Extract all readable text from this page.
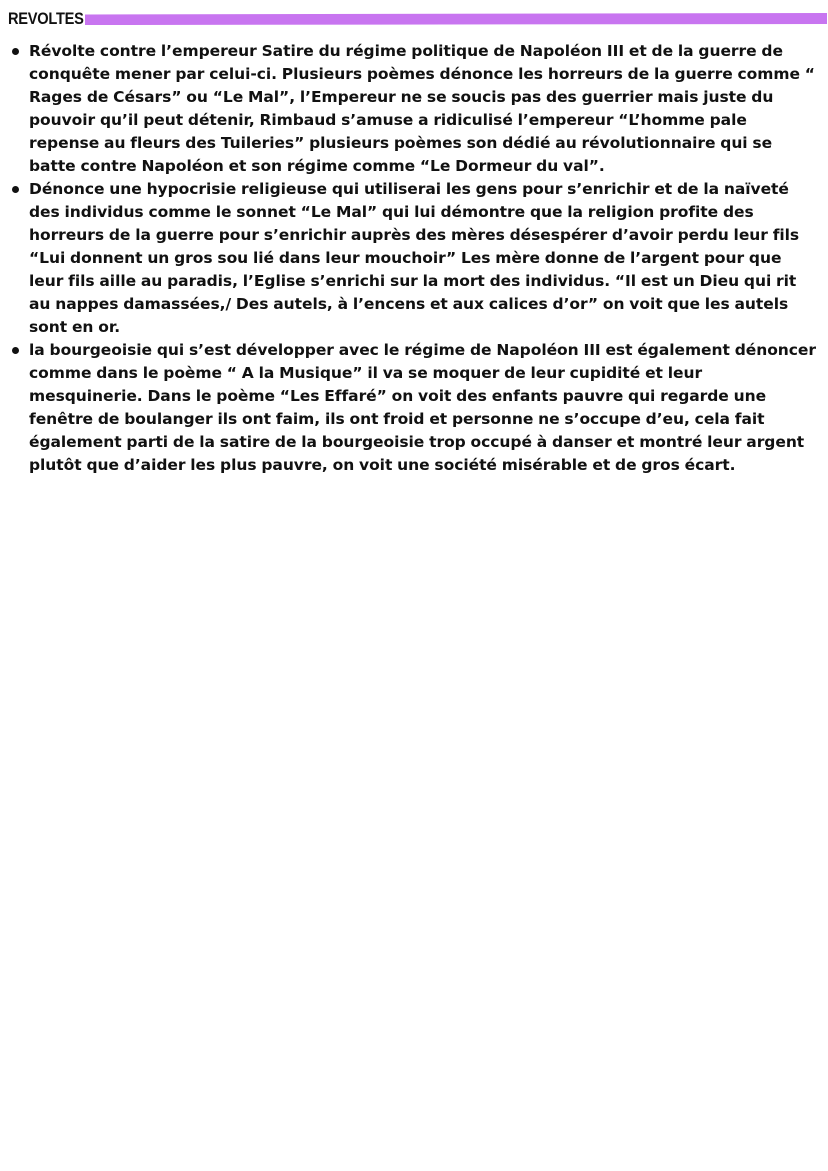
REVOLTES
Révolte contre l’empereur Satire du régime politique de Napoléon III et de la guerre de conquête mener par celui-ci. Plusieurs poèmes dénonce les horreurs de la guerre comme “ Rages de Césars” ou “Le Mal”, l’Empereur ne se soucis pas des guerrier mais juste du pouvoir qu’il peut détenir, Rimbaud s’amuse a ridiculisé l’empereur “L’homme pale repense au fleurs des Tuileries” plusieurs poèmes son dédié au révolutionnaire qui se batte contre Napoléon et son régime comme “Le Dormeur du val”.
Dénonce une hypocrisie religieuse qui utiliserai les gens pour s’enrichir et de la naïveté des individus comme le sonnet “Le Mal” qui lui démontre que la religion profite des horreurs de la guerre pour s’enrichir auprès des mères désespérer d’avoir perdu leur fils “Lui donnent un gros sou lié dans leur mouchoir” Les mère donne de l’argent pour que leur fils aille au paradis, l’Eglise s’enrichi sur la mort des individus. “Il est un Dieu qui rit au nappes damassées,/ Des autels, à l’encens et aux calices d’or” on voit que les autels sont en or.
la bourgeoisie qui s’est développer avec le régime de Napoléon III est également dénoncer comme dans le poème “ A la Musique” il va se moquer de leur cupidité et leur mesquinerie. Dans le poème “Les Effaré” on voit des enfants pauvre qui regarde une fenêtre de boulanger ils ont faim, ils ont froid et personne ne s’occupe d’eu, cela fait également parti de la satire de la bourgeoisie trop occupé à danser et montré leur argent plutôt que d’aider les plus pauvre, on voit une société misérable et de gros écart.
